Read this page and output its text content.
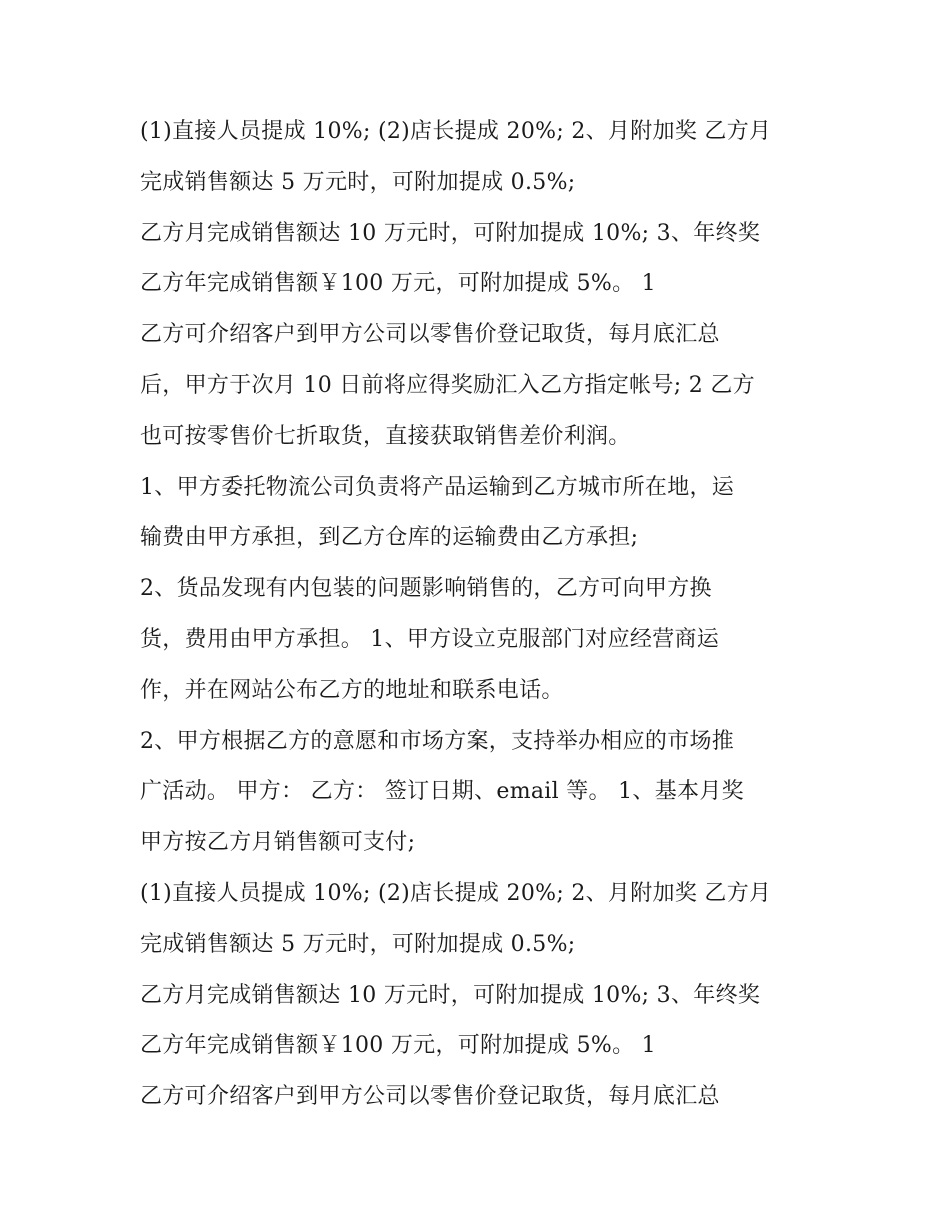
(1)直接人员提成 10%; (2)店长提成 20%; 2、月附加奖 乙方月
完成销售额达 5 万元时，可附加提成 0.5%;
乙方月完成销售额达 10 万元时，可附加提成 10%; 3、年终奖
乙方年完成销售额￥100 万元，可附加提成 5%。 1
乙方可介绍客户到甲方公司以零售价登记取货，每月底汇总
后，甲方于次月 10 日前将应得奖励汇入乙方指定帐号; 2 乙方
也可按零售价七折取货，直接获取销售差价利润。
1、甲方委托物流公司负责将产品运输到乙方城市所在地，运
输费由甲方承担，到乙方仓库的运输费由乙方承担;
2、货品发现有内包装的问题影响销售的，乙方可向甲方换
货，费用由甲方承担。 1、甲方设立克服部门对应经营商运
作，并在网站公布乙方的地址和联系电话。
2、甲方根据乙方的意愿和市场方案，支持举办相应的市场推
广活动。 甲方： 乙方： 签订日期、email 等。 1、基本月奖
甲方按乙方月销售额可支付;
(1)直接人员提成 10%; (2)店长提成 20%; 2、月附加奖 乙方月
完成销售额达 5 万元时，可附加提成 0.5%;
乙方月完成销售额达 10 万元时，可附加提成 10%; 3、年终奖
乙方年完成销售额￥100 万元，可附加提成 5%。 1
乙方可介绍客户到甲方公司以零售价登记取货，每月底汇总
